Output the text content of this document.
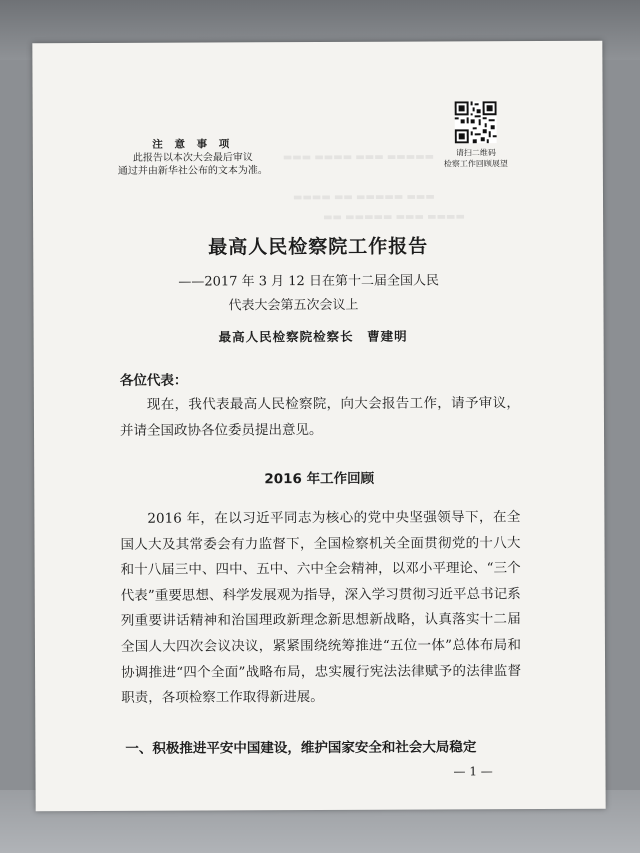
▬▬▬ ▬▬▬▬ ▬▬▬ ▬▬▬▬▬
▬▬▬▬ ▬▬ ▬▬▬▬▬ ▬▬▬
▬▬ ▬▬▬▬▬ ▬▬▬ ▬▬▬▬
注 意 事 项
此报告以本次大会最后审议
通过并由新华社公布的文本为准。
请扫二维码
检察工作回顾展望
最高人民检察院工作报告
——2017 年 3 月 12 日在第十二届全国人民
代表大会第五次会议上
最高人民检察院检察长　曹建明
各位代表：
现在，我代表最高人民检察院，向大会报告工作，请予审议，并请全国政协各位委员提出意见。
2016 年工作回顾
2016 年，在以习近平同志为核心的党中央坚强领导下，在全国人大及其常委会有力监督下，全国检察机关全面贯彻党的十八大和十八届三中、四中、五中、六中全会精神，以邓小平理论、“三个代表”重要思想、科学发展观为指导，深入学习贯彻习近平总书记系列重要讲话精神和治国理政新理念新思想新战略，认真落实十二届全国人大四次会议决议，紧紧围绕统筹推进“五位一体”总体布局和协调推进“四个全面”战略布局，忠实履行宪法法律赋予的法律监督职责，各项检察工作取得新进展。
一、积极推进平安中国建设，维护国家安全和社会大局稳定
— 1 —
